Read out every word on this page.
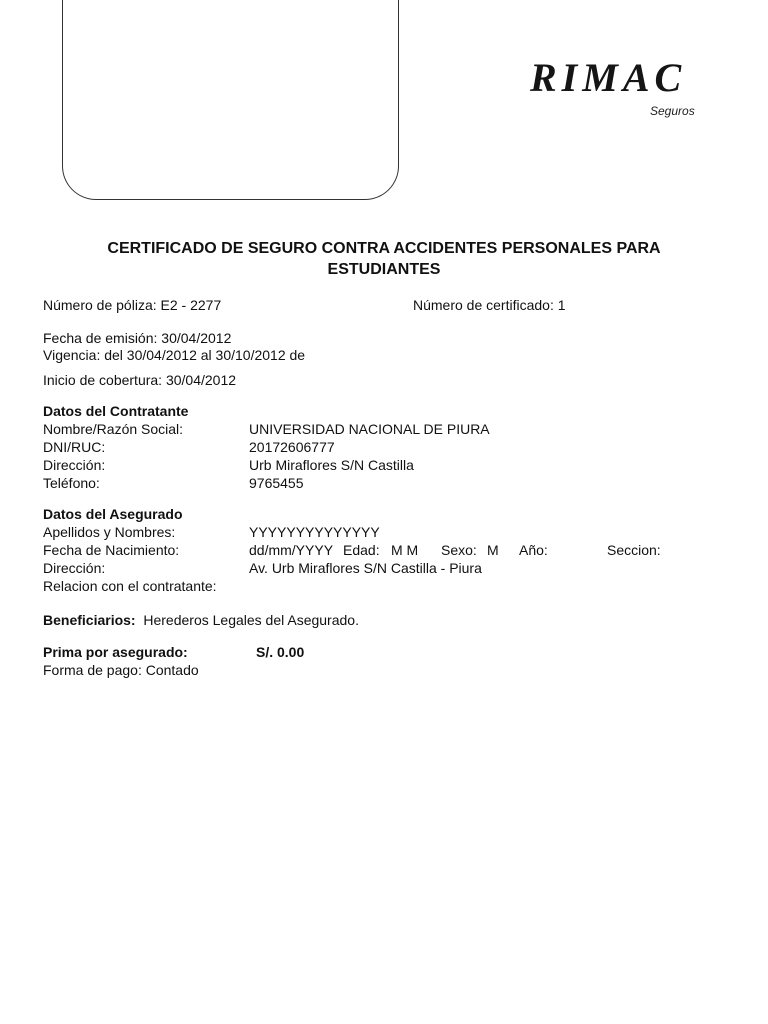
RIMAC
Seguros
CERTIFICADO DE SEGURO CONTRA ACCIDENTES PERSONALES PARA
ESTUDIANTES
Número de póliza: E2 - 2277	Número de certificado: 1
Fecha de emisión: 30/04/2012
Vigencia: del 30/04/2012 al 30/10/2012 de
Inicio de cobertura: 30/04/2012
Datos del Contratante
Nombre/Razón Social:	UNIVERSIDAD NACIONAL DE PIURA
DNI/RUC:	20172606777
Dirección:	Urb Miraflores S/N Castilla
Teléfono:	9765455
Datos del Asegurado
Apellidos y Nombres:	YYYYYYYYYYYYYY
Fecha de Nacimiento:	dd/mm/YYYY Edad: M M Sexo: M Año:	Seccion:
Dirección:	Av. Urb Miraflores S/N Castilla - Piura
Relacion con el contratante:
Beneficiarios: Herederos Legales del Asegurado.
Prima por asegurado:	S/. 0.00
Forma de pago: Contado
